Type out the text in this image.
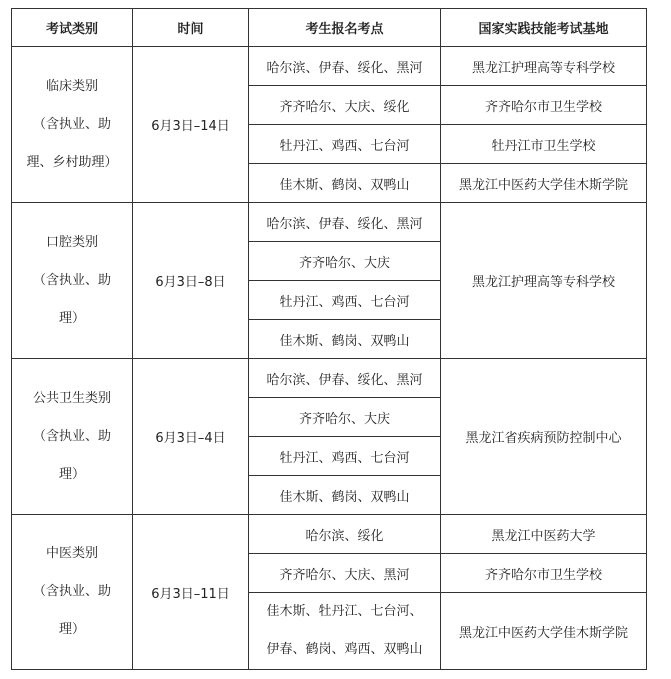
考试类别	时间	考生报名考点	国家实践技能考试基地

临床类别
（含执业、助
理、乡村助理）	6月3日–14日	哈尔滨、伊春、绥化、黑河	黑龙江护理高等专科学校
		齐齐哈尔、大庆、绥化	齐齐哈尔市卫生学校
		牡丹江、鸡西、七台河	牡丹江市卫生学校
		佳木斯、鹤岗、双鸭山	黑龙江中医药大学佳木斯学院

口腔类别
（含执业、助
理）	6月3日–8日	哈尔滨、伊春、绥化、黑河	黑龙江护理高等专科学校
		齐齐哈尔、大庆	
		牡丹江、鸡西、七台河	
		佳木斯、鹤岗、双鸭山	

公共卫生类别
（含执业、助
理）	6月3日–4日	哈尔滨、伊春、绥化、黑河	黑龙江省疾病预防控制中心
		齐齐哈尔、大庆	
		牡丹江、鸡西、七台河	
		佳木斯、鹤岗、双鸭山	

中医类别
（含执业、助
理）	6月3日–11日	哈尔滨、绥化	黑龙江中医药大学
		齐齐哈尔、大庆、黑河	齐齐哈尔市卫生学校

		佳木斯、牡丹江、七台河、
伊春、鹤岗、鸡西、双鸭山	黑龙江中医药大学佳木斯学院
